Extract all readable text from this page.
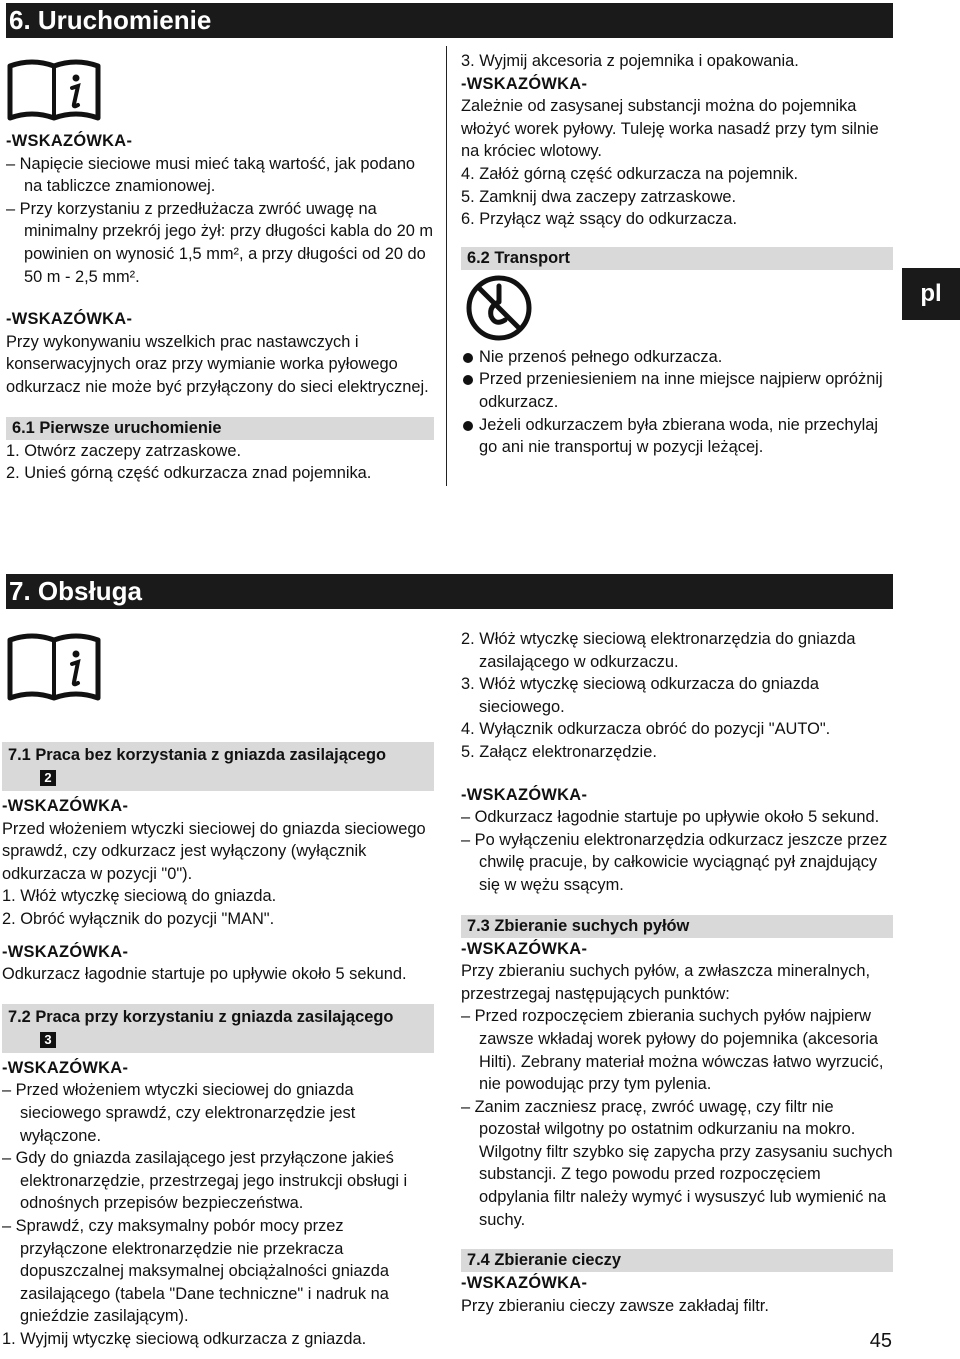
6. Uruchomienie

-WSKAZÓWKA-

– Napięcie sieciowe musi mieć taką wartość, jak podano na tabliczce znamionowej.

– Przy korzystaniu z przedłużacza zwróć uwagę na minimalny przekrój jego żył: przy długości kabla do 20 m powinien on wynosić 1,5 mm², a przy długości od 20 do 50 m - 2,5 mm².

-WSKAZÓWKA-

Przy wykonywaniu wszelkich prac nastawczych i konserwacyjnych oraz przy wymianie worka pyłowego odkurzacz nie może być przyłączony do sieci elektrycznej.

6.1 Pierwsze uruchomienie

1. Otwórz zaczepy zatrzaskowe.

2. Unieś górną część odkurzacza znad pojemnika.

3. Wyjmij akcesoria z pojemnika i opakowania.

-WSKAZÓWKA-

Zależnie od zasysanej substancji można do pojemnika włożyć worek pyłowy. Tuleję worka nasadź przy tym silnie na króciec wlotowy.

4. Załóż górną część odkurzacza na pojemnik.

5. Zamknij dwa zaczepy zatrzaskowe.

6. Przyłącz wąż ssący do odkurzacza.

6.2 Transport

Nie przenoś pełnego odkurzacza.

Przed przeniesieniem na inne miejsce najpierw opróżnij odkurzacz.

Jeżeli odkurzaczem była zbierana woda, nie przechylaj go ani nie transportuj w pozycji leżącej.

pl
7. Obsługa
7.1 Praca bez korzystania z gniazda zasilającego
2

-WSKAZÓWKA-

Przed włożeniem wtyczki sieciowej do gniazda sieciowego sprawdź, czy odkurzacz jest wyłączony (wyłącznik odkurzacza w pozycji "0").

1. Włóż wtyczkę sieciową do gniazda.

2. Obróć wyłącznik do pozycji "MAN".

-WSKAZÓWKA-

Odkurzacz łagodnie startuje po upływie około 5 sekund.

7.2 Praca przy korzystaniu z gniazda zasilającego
3

-WSKAZÓWKA-

– Przed włożeniem wtyczki sieciowej do gniazda sieciowego sprawdź, czy elektronarzędzie jest wyłączone.

– Gdy do gniazda zasilającego jest przyłączone jakieś elektronarzędzie, przestrzegaj jego instrukcji obsługi i odnośnych przepisów bezpieczeństwa.

– Sprawdź, czy maksymalny pobór mocy przez przyłączone elektronarzędzie nie przekracza dopuszczalnej maksymalnej obciążalności gniazda zasilającego (tabela "Dane techniczne" i nadruk na gnieździe zasilającym).

1. Wyjmij wtyczkę sieciową odkurzacza z gniazda.

2. Włóż wtyczkę sieciową elektronarzędzia do gniazda zasilającego w odkurzaczu.

3. Włóż wtyczkę sieciową odkurzacza do gniazda sieciowego.

4. Wyłącznik odkurzacza obróć do pozycji "AUTO".

5. Załącz elektronarzędzie.

-WSKAZÓWKA-

– Odkurzacz łagodnie startuje po upływie około 5 sekund.

– Po wyłączeniu elektronarzędzia odkurzacz jeszcze przez chwilę pracuje, by całkowicie wyciągnąć pył znajdujący się w wężu ssącym.

7.3 Zbieranie suchych pyłów

-WSKAZÓWKA-

Przy zbieraniu suchych pyłów, a zwłaszcza mineralnych, przestrzegaj następujących punktów:

– Przed rozpoczęciem zbierania suchych pyłów najpierw zawsze wkładaj worek pyłowy do pojemnika (akcesoria Hilti). Zebrany materiał można wówczas łatwo wyrzucić, nie powodując przy tym pylenia.

– Zanim zaczniesz pracę, zwróć uwagę, czy filtr nie pozostał wilgotny po ostatnim odkurzaniu na mokro. Wilgotny filtr szybko się zapycha przy zasysaniu suchych substancji. Z tego powodu przed rozpoczęciem odpylania filtr należy wymyć i wysuszyć lub wymienić na suchy.

7.4 Zbieranie cieczy

-WSKAZÓWKA-

Przy zbieraniu cieczy zawsze zakładaj filtr.

45
